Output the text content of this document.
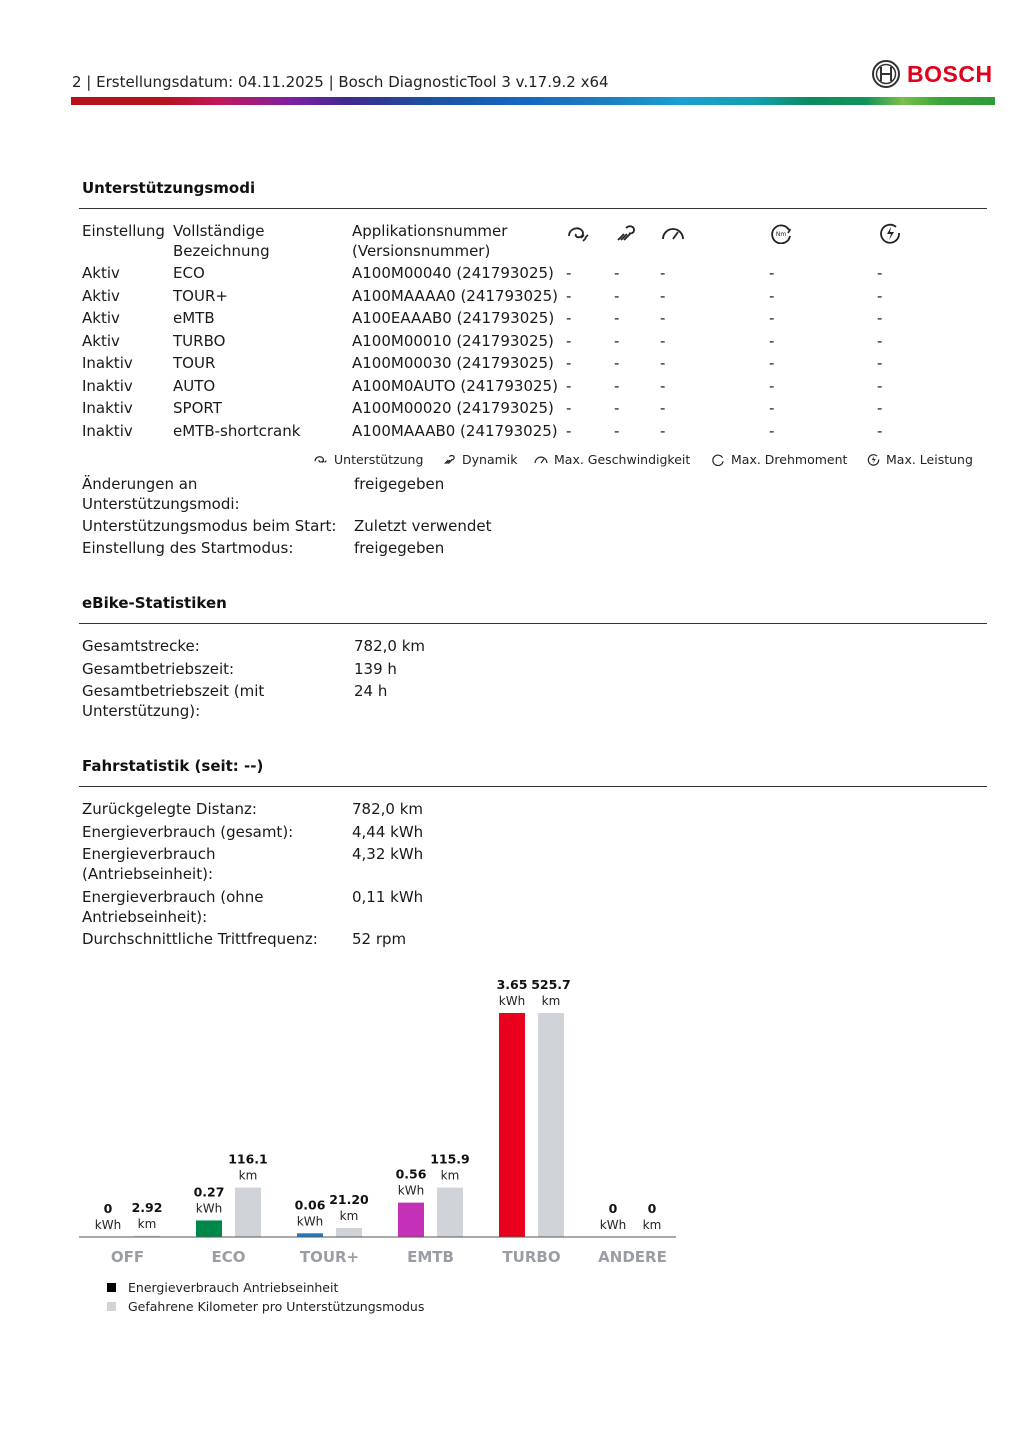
2 | Erstellungsdatum: 04.11.2025 | Bosch DiagnosticTool 3 v.17.9.2 x64	BOSCH
Unterstützungsmodi
Einstellung Vollständige
Bezeichnung
Applikationsnummer
(Versionsnummer)
Nm
Aktiv	ECO	A100M00040 (241793025) -	-	-	-	-
Aktiv	TOUR+	A100MAAAA0 (241793025) -	-	-	-	-
Aktiv	eMTB	A100EAAAB0 (241793025) -	-	-	-	-
Aktiv	TURBO	A100M00010 (241793025) -	-	-	-	-
Inaktiv	TOUR	A100M00030 (241793025) -	-	-	-	-
Inaktiv	AUTO	A100M0AUTO (241793025) -	-	-	-	-
Inaktiv	SPORT	A100M00020 (241793025) -	-	-	-	-
Inaktiv	eMTB-shortcrank	A100MAAAB0 (241793025) -	-	-	-	-
Unterstützung	Dynamik	Max. Geschwindigkeit	Max. Drehmoment	Max. Leistung
Änderungen an
Unterstützungsmodi:
freigegeben
Unterstützungsmodus beim Start: Zuletzt verwendet
Einstellung des Startmodus:	freigegeben
eBike-Statistiken
Gesamtstrecke:	782,0 km
Gesamtbetriebszeit:	139 h
Gesamtbetriebszeit (mit
Unterstützung):
24 h
Fahrstatistik (seit: --)
Zurückgelegte Distanz:	782,0 km
Energieverbrauch (gesamt):	4,44 kWh
Energieverbrauch
(Antriebseinheit):
4,32 kWh
Energieverbrauch (ohne
Antriebseinheit):
0,11 kWh
Durchschnittliche Trittfrequenz: 52 rpm
0
kWh
2.92
km
OFF
0.27
kWh
116.1
km
ECO
0.06
kWh
21.20
km
TOUR+
0.56
kWh
115.9
km
EMTB
3.65
kWh
525.7
km
TURBO
0
kWh
0
km
ANDERE
Energieverbrauch Antriebseinheit
Gefahrene Kilometer pro Unterstützungsmodus
